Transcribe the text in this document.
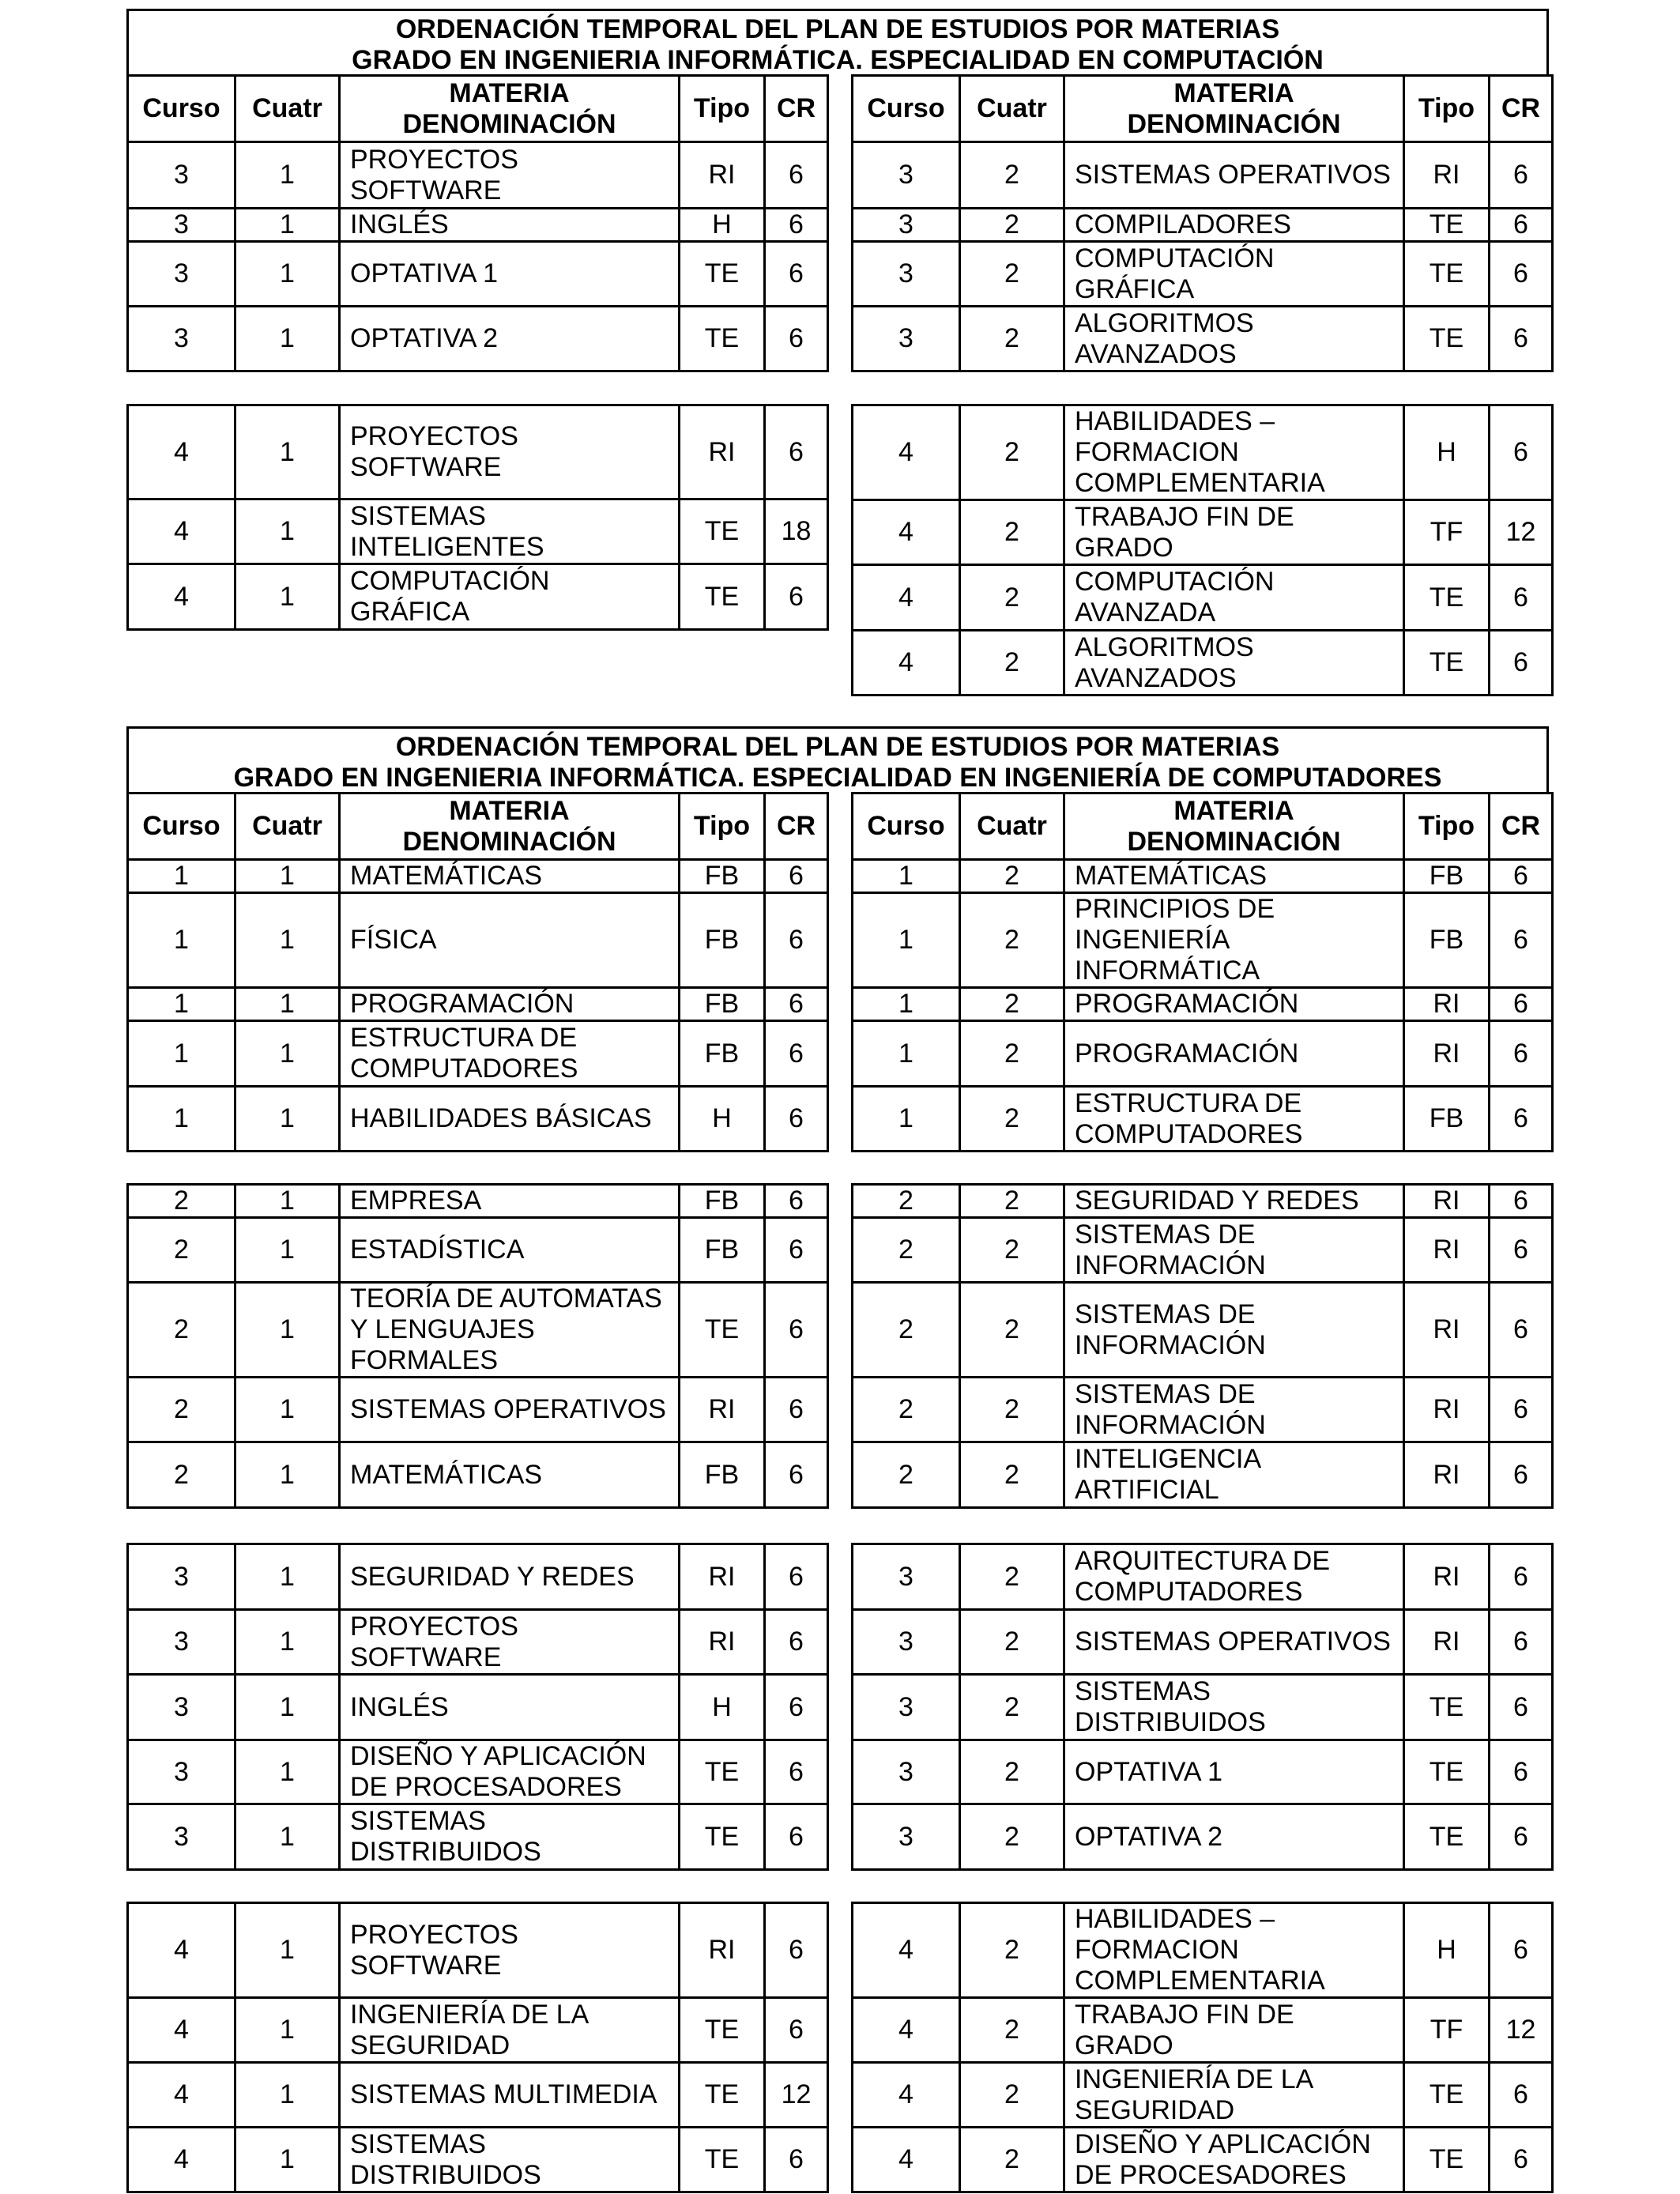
ORDENACIÓN TEMPORAL DEL PLAN DE ESTUDIOS POR MATERIAS
GRADO EN INGENIERIA INFORMÁTICA. ESPECIALIDAD EN COMPUTACIÓN
Curso	Cuatr	
MATERIA
DENOMINACIÓN
	Tipo	CR Curso	Cuatr	
MATERIA
DENOMINACIÓN
	Tipo	CR
3	1	PROYECTOS
SOFTWARE	RI	6
3	1	INGLÉS	H	6
3	1	OPTATIVA 1	TE	6
3	1	OPTATIVA 2	TE	6
3	2	SISTEMAS OPERATIVOS	RI	6
3	2	COMPILADORES	TE	6
3	2	COMPUTACIÓN
GRÁFICA	TE	6
3	2	ALGORITMOS
AVANZADOS	TE	6
4	1	PROYECTOS
SOFTWARE	RI	6
4	1	SISTEMAS
INTELIGENTES	TE	18
4	1	COMPUTACIÓN
GRÁFICA	TE	6
4	2	HABILIDADES –
FORMACION
COMPLEMENTARIA	H	6
4	2	TRABAJO FIN DE
GRADO	TF	12
4	2	COMPUTACIÓN
AVANZADA	TE	6
4	2	ALGORITMOS
AVANZADOS	TE	6
ORDENACIÓN TEMPORAL DEL PLAN DE ESTUDIOS POR MATERIAS
GRADO EN INGENIERIA INFORMÁTICA. ESPECIALIDAD EN INGENIERÍA DE COMPUTADORES
Curso	Cuatr	
MATERIA
DENOMINACIÓN
	Tipo	CR Curso	Cuatr	
MATERIA
DENOMINACIÓN
	Tipo	CR
1	1	MATEMÁTICAS	FB	6
1	1	FÍSICA	FB	6
1	1	PROGRAMACIÓN	FB	6
1	1	ESTRUCTURA DE
COMPUTADORES	FB	6
1	1	HABILIDADES BÁSICAS	H	6
1	2	MATEMÁTICAS	FB	6
1	2	PRINCIPIOS DE
INGENIERÍA
INFORMÁTICA	FB	6
1	2	PROGRAMACIÓN	RI	6
1	2	PROGRAMACIÓN	RI	6
1	2	ESTRUCTURA DE
COMPUTADORES	FB	6
2	1	EMPRESA	FB	6
2	1	ESTADÍSTICA	FB	6
2	1	TEORÍA DE AUTOMATAS
Y LENGUAJES
FORMALES	TE	6
2	1	SISTEMAS OPERATIVOS	RI	6
2	1	MATEMÁTICAS	FB	6
2	2	SEGURIDAD Y REDES	RI	6
2	2	SISTEMAS DE
INFORMACIÓN	RI	6
2	2	SISTEMAS DE
INFORMACIÓN	RI	6
2	2	SISTEMAS DE
INFORMACIÓN	RI	6
2	2	INTELIGENCIA
ARTIFICIAL	RI	6
3	1	SEGURIDAD Y REDES	RI	6
3	1	PROYECTOS
SOFTWARE	RI	6
3	1	INGLÉS	H	6
3	1	DISEÑO Y APLICACIÓN
DE PROCESADORES	TE	6
3	1	SISTEMAS
DISTRIBUIDOS	TE	6
3	2	ARQUITECTURA DE
COMPUTADORES	RI	6
3	2	SISTEMAS OPERATIVOS	RI	6
3	2	SISTEMAS
DISTRIBUIDOS	TE	6
3	2	OPTATIVA 1	TE	6
3	2	OPTATIVA 2	TE	6
4	1	PROYECTOS
SOFTWARE	RI	6
4	1	INGENIERÍA DE LA
SEGURIDAD	TE	6
4	1	SISTEMAS MULTIMEDIA	TE	12
4	1	SISTEMAS
DISTRIBUIDOS	TE	6
4	2	HABILIDADES –
FORMACION
COMPLEMENTARIA	H	6
4	2	TRABAJO FIN DE
GRADO	TF	12
4	2	INGENIERÍA DE LA
SEGURIDAD	TE	6
4	2	DISEÑO Y APLICACIÓN
DE PROCESADORES	TE	6
